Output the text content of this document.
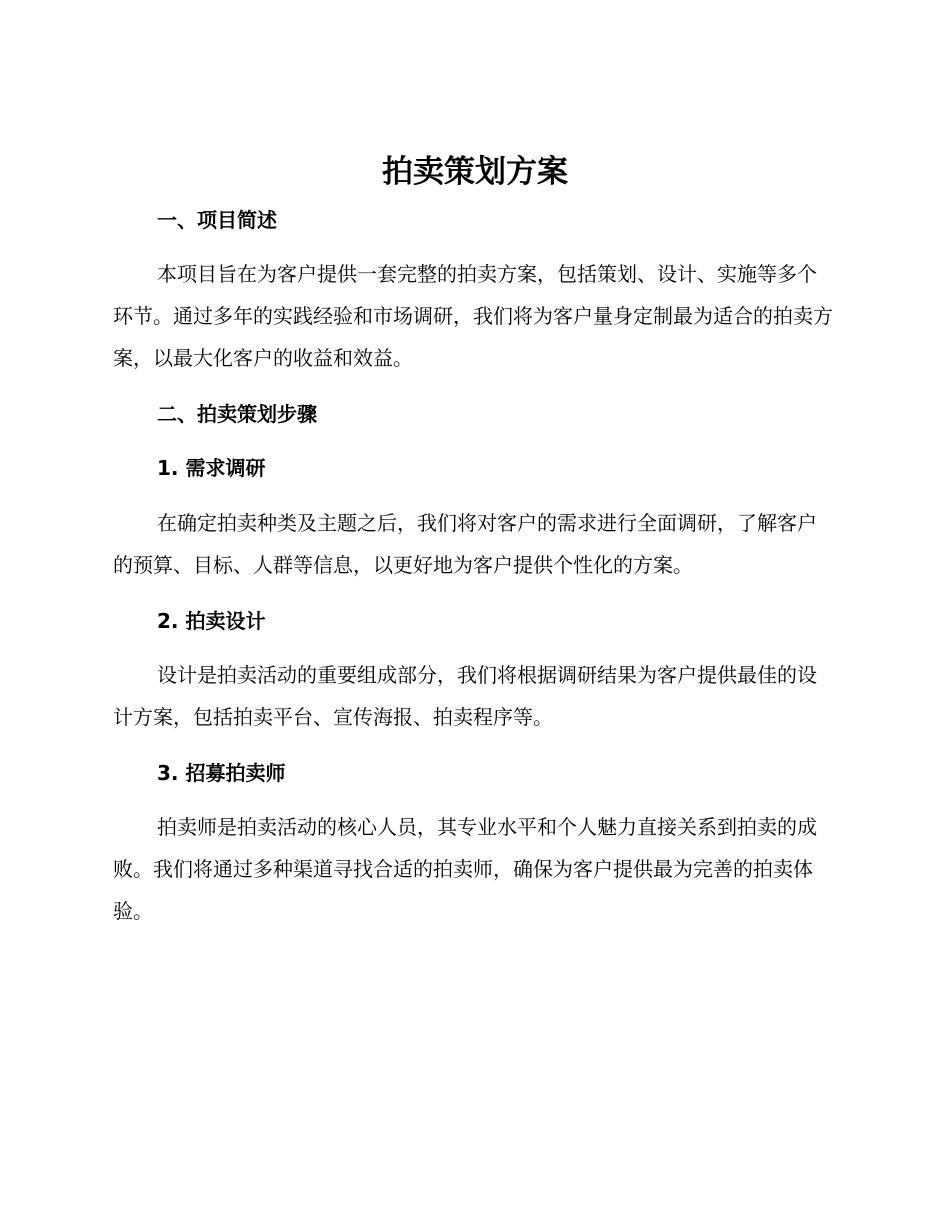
拍卖策划方案
一、项目简述

本项目旨在为客户提供一套完整的拍卖方案，包括策划、设计、实施等多个环节。通过多年的实践经验和市场调研，我们将为客户量身定制最为适合的拍卖方案，以最大化客户的收益和效益。

二、拍卖策划步骤
1. 需求调研

在确定拍卖种类及主题之后，我们将对客户的需求进行全面调研，了解客户的预算、目标、人群等信息，以更好地为客户提供个性化的方案。

2. 拍卖设计

设计是拍卖活动的重要组成部分，我们将根据调研结果为客户提供最佳的设计方案，包括拍卖平台、宣传海报、拍卖程序等。

3. 招募拍卖师

拍卖师是拍卖活动的核心人员，其专业水平和个人魅力直接关系到拍卖的成败。我们将通过多种渠道寻找合适的拍卖师，确保为客户提供最为完善的拍卖体验。
